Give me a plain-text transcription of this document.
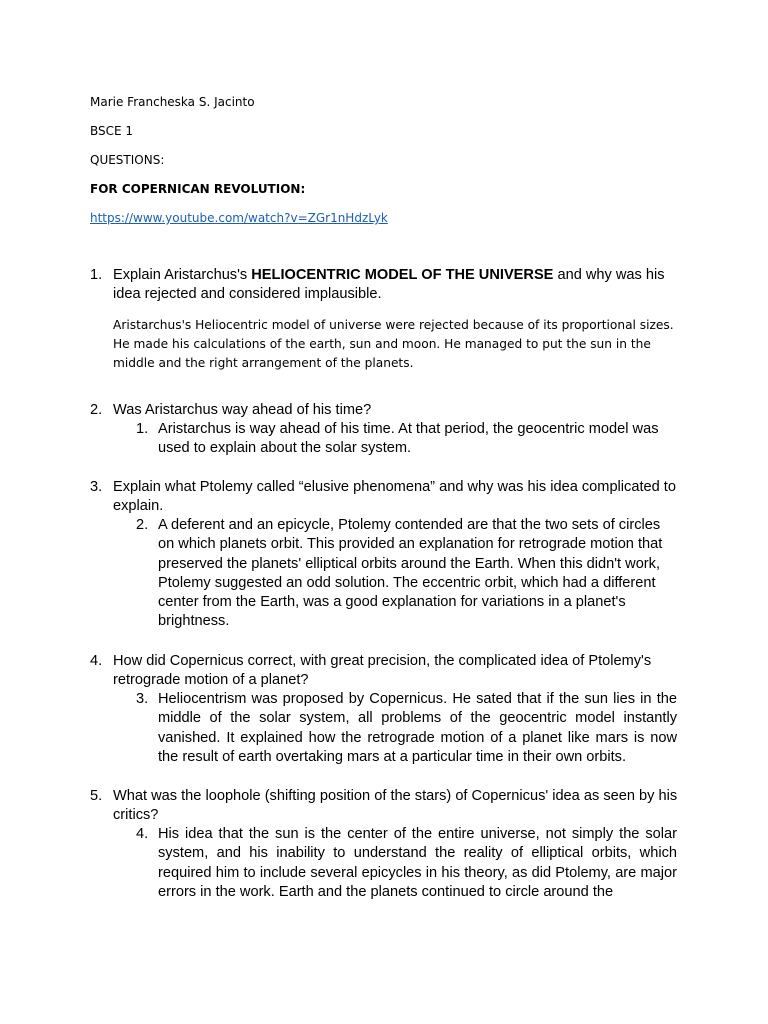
Marie Francheska S. Jacinto
BSCE 1
QUESTIONS:
FOR COPERNICAN REVOLUTION:
https://www.youtube.com/watch?v=ZGr1nHdzLyk
1. Explain Aristarchus's HELIOCENTRIC MODEL OF THE UNIVERSE and why was his idea rejected and considered implausible.
Aristarchus's Heliocentric model of universe were rejected because of its proportional sizes. He made his calculations of the earth, sun and moon. He managed to put the sun in the middle and the right arrangement of the planets.
2. Was Aristarchus way ahead of his time?
1. Aristarchus is way ahead of his time. At that period, the geocentric model was used to explain about the solar system.
3. Explain what Ptolemy called “elusive phenomena” and why was his idea complicated to explain.
2. A deferent and an epicycle, Ptolemy contended are that the two sets of circles on which planets orbit. This provided an explanation for retrograde motion that preserved the planets' elliptical orbits around the Earth. When this didn't work, Ptolemy suggested an odd solution. The eccentric orbit, which had a different center from the Earth, was a good explanation for variations in a planet's brightness.
4. How did Copernicus correct, with great precision, the complicated idea of Ptolemy's retrograde motion of a planet?
3. Heliocentrism was proposed by Copernicus. He sated that if the sun lies in the middle of the solar system, all problems of the geocentric model instantly vanished. It explained how the retrograde motion of a planet like mars is now the result of earth overtaking mars at a particular time in their own orbits.
5. What was the loophole (shifting position of the stars) of Copernicus' idea as seen by his critics?
4. His idea that the sun is the center of the entire universe, not simply the solar system, and his inability to understand the reality of elliptical orbits, which required him to include several epicycles in his theory, as did Ptolemy, are major errors in the work. Earth and the planets continued to circle around the
